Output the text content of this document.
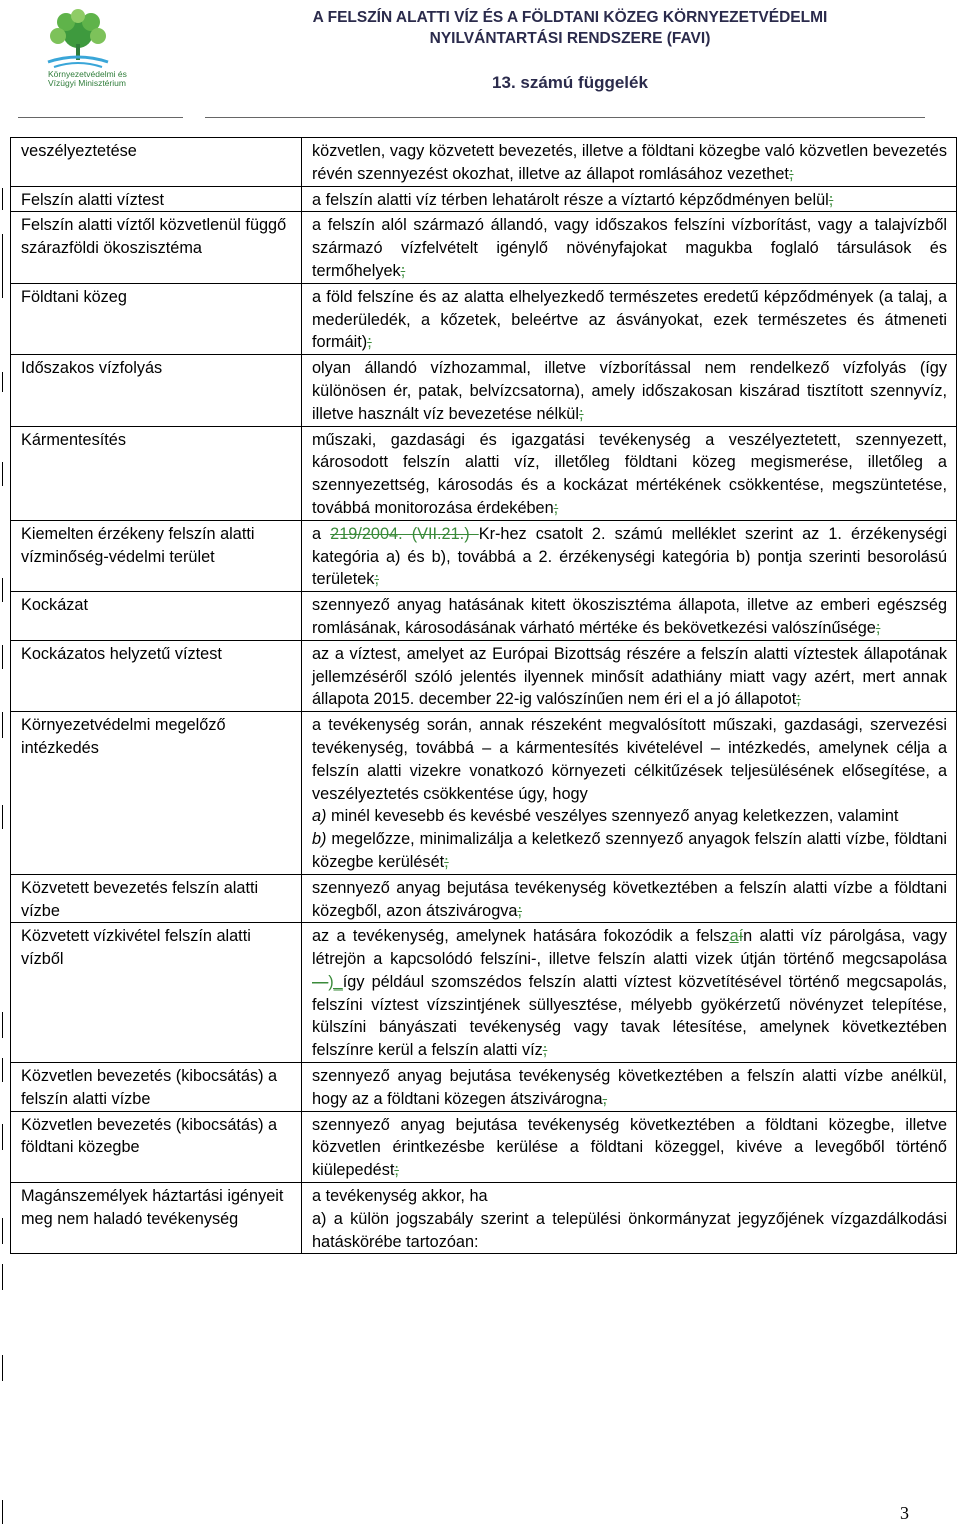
Környezetvédelmi és Vízügyi Minisztérium
A FELSZÍN ALATTI VÍZ ÉS A FÖLDTANI KÖZEG KÖRNYEZETVÉDELMI
NYILVÁNTARTÁSI RENDSZERE (FAVI)
13. számú függelék
veszélyeztetése	közvetlen, vagy közvetett bevezetés, illetve a földtani közegbe való közvetlen bevezetés révén szennyezést okozhat, illetve az állapot romlásához vezethet;
Felszín alatti víztest	a felszín alatti víz térben lehatárolt része a víztartó képződményen belül;
Felszín alatti víztől közvetlenül függő szárazföldi ökoszisztéma	a felszín alól származó állandó, vagy időszakos felszíni vízborítást, vagy a talajvízből származó vízfelvételt igénylő növényfajokat magukba foglaló társulások és termőhelyek;
Földtani közeg	a föld felszíne és az alatta elhelyezkedő természetes eredetű képződmények (a talaj, a mederüledék, a kőzetek, beleértve az ásványokat, ezek természetes és átmeneti formáit);
Időszakos vízfolyás	olyan állandó vízhozammal, illetve vízborítással nem rendelkező vízfolyás (így különösen ér, patak, belvízcsatorna), amely időszakosan kiszárad tisztított szennyvíz, illetve használt víz bevezetése nélkül;
Kármentesítés	műszaki, gazdasági és igazgatási tevékenység a veszélyeztetett, szennyezett, károsodott felszín alatti víz, illetőleg földtani közeg megismerése, illetőleg a szennyezettség, károsodás és a kockázat mértékének csökkentése, megszüntetése, továbbá monitorozása érdekében;
Kiemelten érzékeny felszín alatti vízminőség-védelmi terület	a 219/2004. (VII.21.) Kr-hez csatolt 2. számú melléklet szerint az 1. érzékenységi kategória a) és b), továbbá a 2. érzékenységi kategória b) pontja szerinti besorolású területek;
Kockázat	szennyező anyag hatásának kitett ökoszisztéma állapota, illetve az emberi egészség romlásának, károsodásának várható mértéke és bekövetkezési valószínűsége;
Kockázatos helyzetű víztest	az a víztest, amelyet az Európai Bizottság részére a felszín alatti víztestek állapotának jellemzéséről szóló jelentés ilyennek minősít adathiány miatt vagy azért, mert annak állapota 2015. december 22-ig valószínűen nem éri el a jó állapotot;
Környezetvédelmi megelőző intézkedés	a tevékenység során, annak részeként megvalósított műszaki, gazdasági, szervezési tevékenység, továbbá – a kármentesítés kivételével – intézkedés, amelynek célja a felszín alatti vizekre vonatkozó környezeti célkitűzések teljesülésének elősegítése, a veszélyeztetés csökkentése úgy, hogy
a) minél kevesebb és kevésbé veszélyes szennyező anyag keletkezzen, valamint
b) megelőzze, minimalizálja a keletkező szennyező anyagok felszín alatti vízbe, földtani közegbe kerülését;

Közvetett bevezetés felszín alatti vízbe	szennyező anyag bejutása tevékenység következtében a felszín alatti vízbe a földtani közegből, azon átszivárogva;
Közvetett vízkivétel felszín alatti vízből	az a tevékenység, amelynek hatására fokozódik a felszaín alatti víz párolgása, vagy létrejön a kapcsolódó felszíni-, illetve felszín alatti vizek útján történő megcsapolása—)_így például szomszédos felszín alatti víztest közvetítésével történő megcsapolás, felszíni víztest vízszintjének süllyesztése, mélyebb gyökérzetű növényzet telepítése, külszíni bányászati tevékenység vagy tavak létesítése, amelynek következtében felszínre kerül a felszín alatti víz;
Közvetlen bevezetés (kibocsátás) a felszín alatti vízbe	szennyező anyag bejutása tevékenység következtében a felszín alatti vízbe anélkül, hogy az a földtani közegen átszivárogna,
Közvetlen bevezetés (kibocsátás) a földtani közegbe	szennyező anyag bejutása tevékenység következtében a földtani közegbe, illetve közvetlen érintkezésbe kerülése a földtani közeggel, kivéve a levegőből történő kiülepedést;
Magánszemélyek háztartási igényeit meg nem haladó tevékenység	a tevékenység akkor, ha
a) a külön jogszabály szerint a települési önkormányzat jegyzőjének vízgazdálkodási hatáskörébe tartozóan:
3
